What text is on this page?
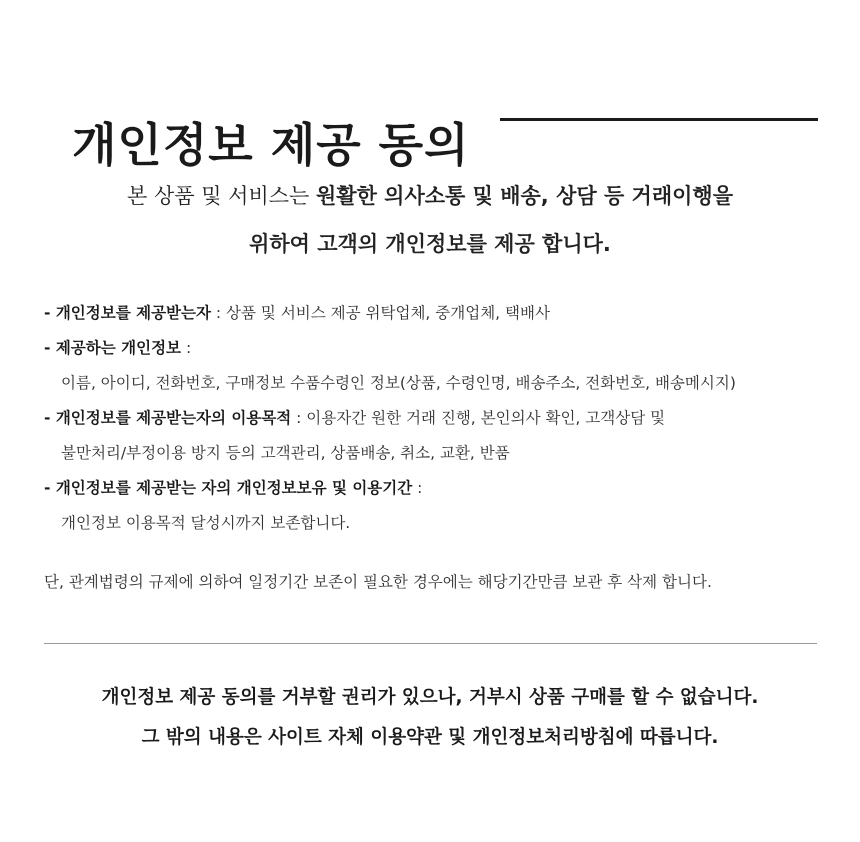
개인정보 제공 동의
본 상품 및 서비스는 원활한 의사소통 및 배송, 상담 등 거래이행을
위하여 고객의 개인정보를 제공 합니다.
- 개인정보를 제공받는자 : 상품 및 서비스 제공 위탁업체, 중개업체, 택배사
- 제공하는 개인정보 :
이름, 아이디, 전화번호, 구매정보 수품수령인 정보(상품, 수령인명, 배송주소, 전화번호, 배송메시지)
- 개인정보를 제공받는자의 이용목적 : 이용자간 원한 거래 진행, 본인의사 확인, 고객상담 및
불만처리/부정이용 방지 등의 고객관리, 상품배송, 취소, 교환, 반품
- 개인정보를 제공받는 자의 개인정보보유 및 이용기간 :
개인정보 이용목적 달성시까지 보존합니다.
단, 관계법령의 규제에 의하여 일정기간 보존이 필요한 경우에는 해당기간만큼 보관 후 삭제 합니다.
개인정보 제공 동의를 거부할 권리가 있으나, 거부시 상품 구매를 할 수 없습니다.
그 밖의 내용은 사이트 자체 이용약관 및 개인정보처리방침에 따릅니다.
